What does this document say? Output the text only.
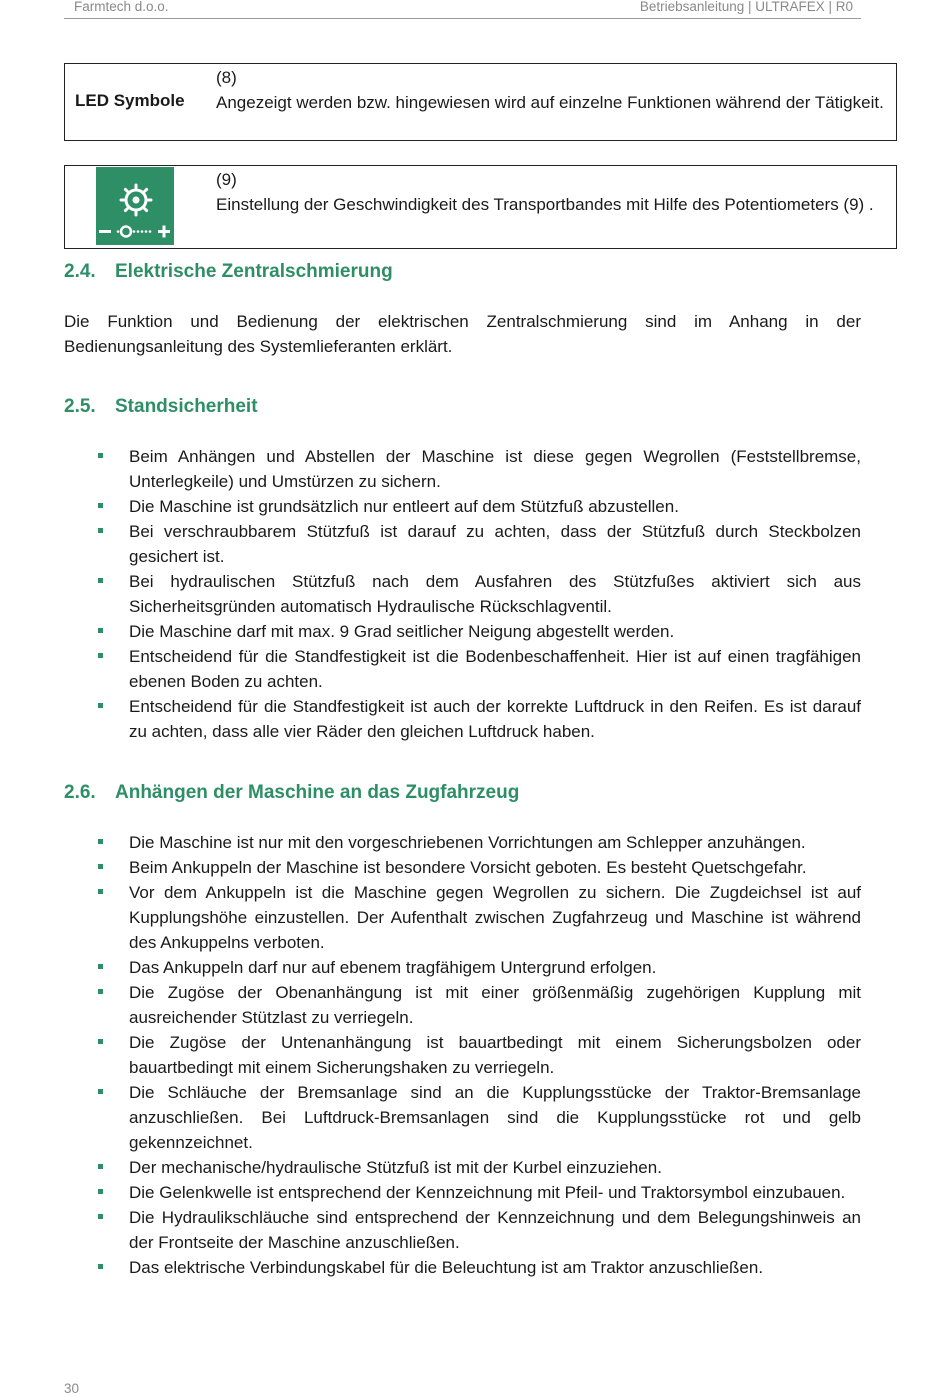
Farmtech d.o.o.	Betriebsanleitung | ULTRAFEX | R0
LED Symbole
(8)
Angezeigt werden bzw. hingewiesen wird auf einzelne Funktionen während der Tätigkeit.
(9)
Einstellung der Geschwindigkeit des Transportbandes mit Hilfe des Potentiometers (9) .
2.4. Elektrische Zentralschmierung
Die Funktion und Bedienung der elektrischen Zentralschmierung sind im Anhang in der Bedienungsanleitung des Systemlieferanten erklärt.
2.5. Standsicherheit
Beim Anhängen und Abstellen der Maschine ist diese gegen Wegrollen (Feststellbremse, Unterlegkeile) und Umstürzen zu sichern.
Die Maschine ist grundsätzlich nur entleert auf dem Stützfuß abzustellen.
Bei verschraubbarem Stützfuß ist darauf zu achten, dass der Stützfuß durch Steckbolzen gesichert ist.
Bei hydraulischen Stützfuß nach dem Ausfahren des Stützfußes aktiviert sich aus Sicherheitsgründen automatisch Hydraulische Rückschlagventil.
Die Maschine darf mit max. 9 Grad seitlicher Neigung abgestellt werden.
Entscheidend für die Standfestigkeit ist die Bodenbeschaffenheit. Hier ist auf einen tragfähigen ebenen Boden zu achten.
Entscheidend für die Standfestigkeit ist auch der korrekte Luftdruck in den Reifen. Es ist darauf zu achten, dass alle vier Räder den gleichen Luftdruck haben.
2.6. Anhängen der Maschine an das Zugfahrzeug
Die Maschine ist nur mit den vorgeschriebenen Vorrichtungen am Schlepper anzuhängen.
Beim Ankuppeln der Maschine ist besondere Vorsicht geboten. Es besteht Quetschgefahr.
Vor dem Ankuppeln ist die Maschine gegen Wegrollen zu sichern. Die Zugdeichsel ist auf Kupplungshöhe einzustellen. Der Aufenthalt zwischen Zugfahrzeug und Maschine ist während des Ankuppelns verboten.
Das Ankuppeln darf nur auf ebenem tragfähigem Untergrund erfolgen.
Die Zugöse der Obenanhängung ist mit einer größenmäßig zugehörigen Kupplung mit ausreichender Stützlast zu verriegeln.
Die Zugöse der Untenanhängung ist bauartbedingt mit einem Sicherungsbolzen oder bauartbedingt mit einem Sicherungshaken zu verriegeln.
Die Schläuche der Bremsanlage sind an die Kupplungsstücke der Traktor-Bremsanlage anzuschließen. Bei Luftdruck-Bremsanlagen sind die Kupplungsstücke rot und gelb gekennzeichnet.
Der mechanische/hydraulische Stützfuß ist mit der Kurbel einzuziehen.
Die Gelenkwelle ist entsprechend der Kennzeichnung mit Pfeil- und Traktorsymbol einzubauen.
Die Hydraulikschläuche sind entsprechend der Kennzeichnung und dem Belegungshinweis an der Frontseite der Maschine anzuschließen.
Das elektrische Verbindungskabel für die Beleuchtung ist am Traktor anzuschließen.
30
